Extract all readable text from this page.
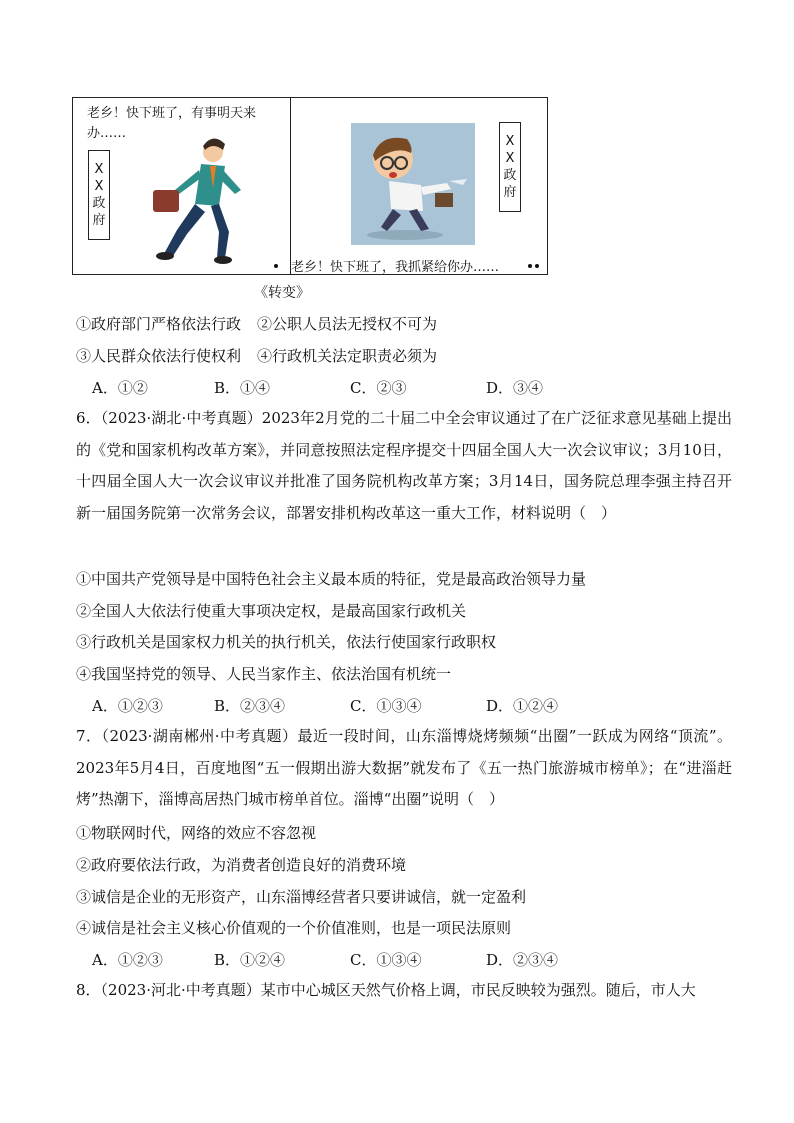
老乡！快下班了，有事明天来办……
X
X
政
府
X
X
政
府
老乡！快下班了，我抓紧给你办……
《转变》
①政府部门严格依法行政 ②公职人员法无授权不可为
③人民群众依法行使权利 ④行政机关法定职责必须为
A．①②	B．①④	C．②③	D．③④
6．（2023·湖北·中考真题）2023年2月党的二十届二中全会审议通过了在广泛征求意见基础上提出的《党和国家机构改革方案》，并同意按照法定程序提交十四届全国人大一次会议审议；3月10日，十四届全国人大一次会议审议并批准了国务院机构改革方案；3月14日，国务院总理李强主持召开新一届国务院第一次常务会议，部署安排机构改革这一重大工作，材料说明（　）
①中国共产党领导是中国特色社会主义最本质的特征，党是最高政治领导力量
②全国人大依法行使重大事项决定权，是最高国家行政机关
③行政机关是国家权力机关的执行机关，依法行使国家行政职权
④我国坚持党的领导、人民当家作主、依法治国有机统一
A．①②③	B．②③④	C．①③④	D．①②④
7．（2023·湖南郴州·中考真题）最近一段时间，山东淄博烧烤频频“出圈”一跃成为网络“顶流”。2023年5月4日，百度地图“五一假期出游大数据”就发布了《五一热门旅游城市榜单》；在“进淄赶烤”热潮下，淄博高居热门城市榜单首位。淄博“出圈”说明（　）
①物联网时代，网络的效应不容忽视
②政府要依法行政，为消费者创造良好的消费环境
③诚信是企业的无形资产，山东淄博经营者只要讲诚信，就一定盈利
④诚信是社会主义核心价值观的一个价值准则，也是一项民法原则
A．①②③	B．①②④	C．①③④	D．②③④
8．（2023·河北·中考真题）某市中心城区天然气价格上调，市民反映较为强烈。随后，市人大
